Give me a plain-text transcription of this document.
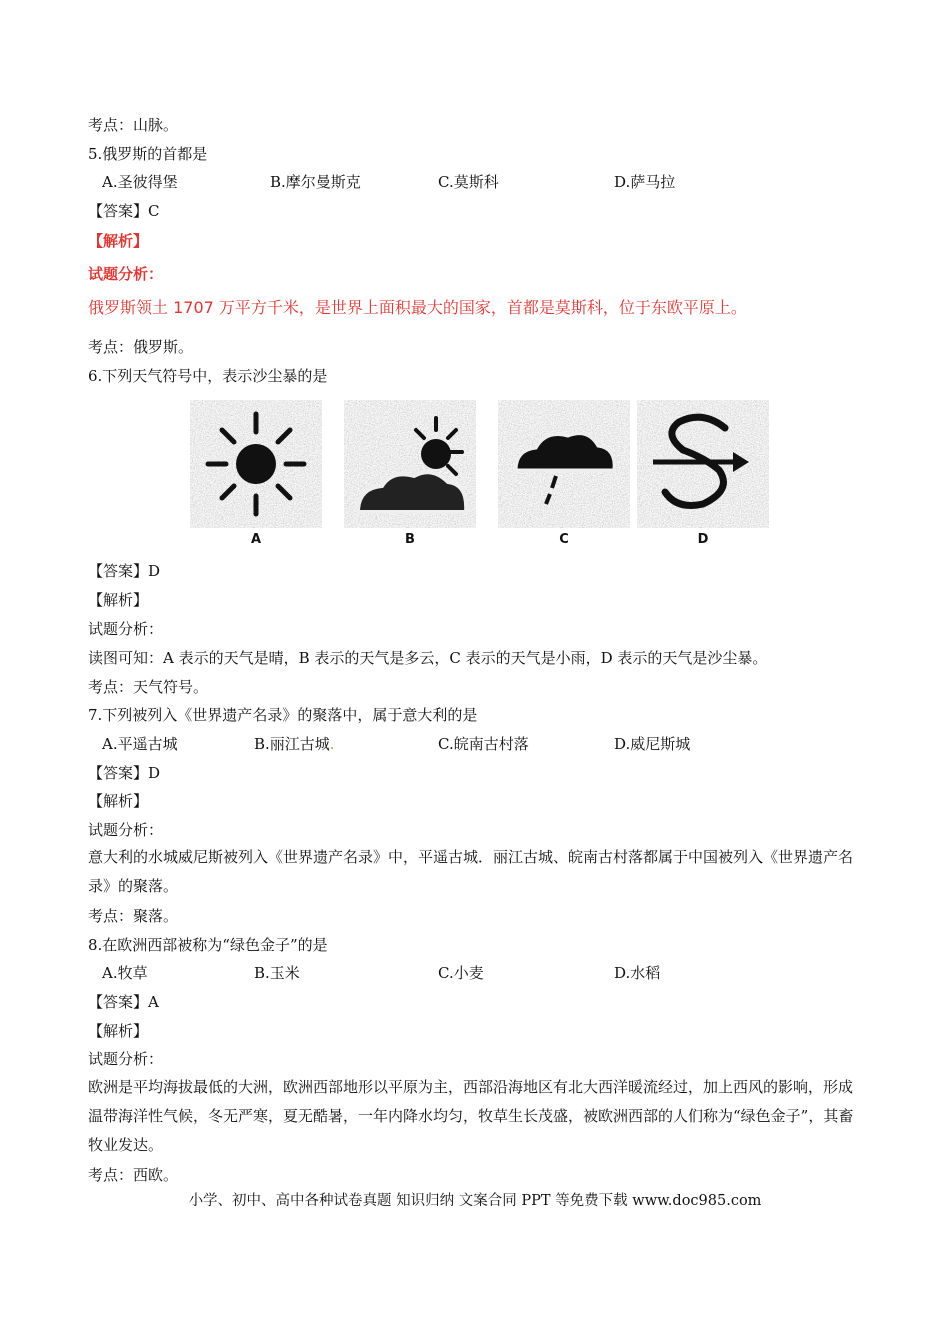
考点：山脉。
5.俄罗斯的首都是
A.圣彼得堡	B.摩尔曼斯克	C.莫斯科	D.萨马拉
【答案】C
【解析】
试题分析：
俄罗斯领土 1707 万平方千米，是世界上面积最大的国家，首都是莫斯科，位于东欧平原上。
考点：俄罗斯。
6.下列天气符号中，表示沙尘暴的是
A	B	C	D
【答案】D
【解析】
试题分析：
读图可知：A 表示的天气是晴，B 表示的天气是多云，C 表示的天气是小雨，D 表示的天气是沙尘暴。
考点：天气符号。
7.下列被列入《世界遗产名录》的聚落中，属于意大利的是
A.平遥古城	B.丽江古城.	C.皖南古村落	D.威尼斯城
【答案】D
【解析】
试题分析：
意大利的水城威尼斯被列入《世界遗产名录》中，平遥古城．丽江古城、皖南古村落都属于中国被列入《世界遗产名录》的聚落。
考点：聚落。
8.在欧洲西部被称为“绿色金子”的是
A.牧草	B.玉米	C.小麦	D.水稻
【答案】A
【解析】
试题分析：
欧洲是平均海拔最低的大洲，欧洲西部地形以平原为主，西部沿海地区有北大西洋暖流经过，加上西风的影响，形成温带海洋性气候，冬无严寒，夏无酷暑，一年内降水均匀，牧草生长茂盛，被欧洲西部的人们称为“绿色金子”，其畜牧业发达。
考点：西欧。
小学、初中、高中各种试卷真题 知识归纳 文案合同 PPT 等免费下载 www.doc985.com
